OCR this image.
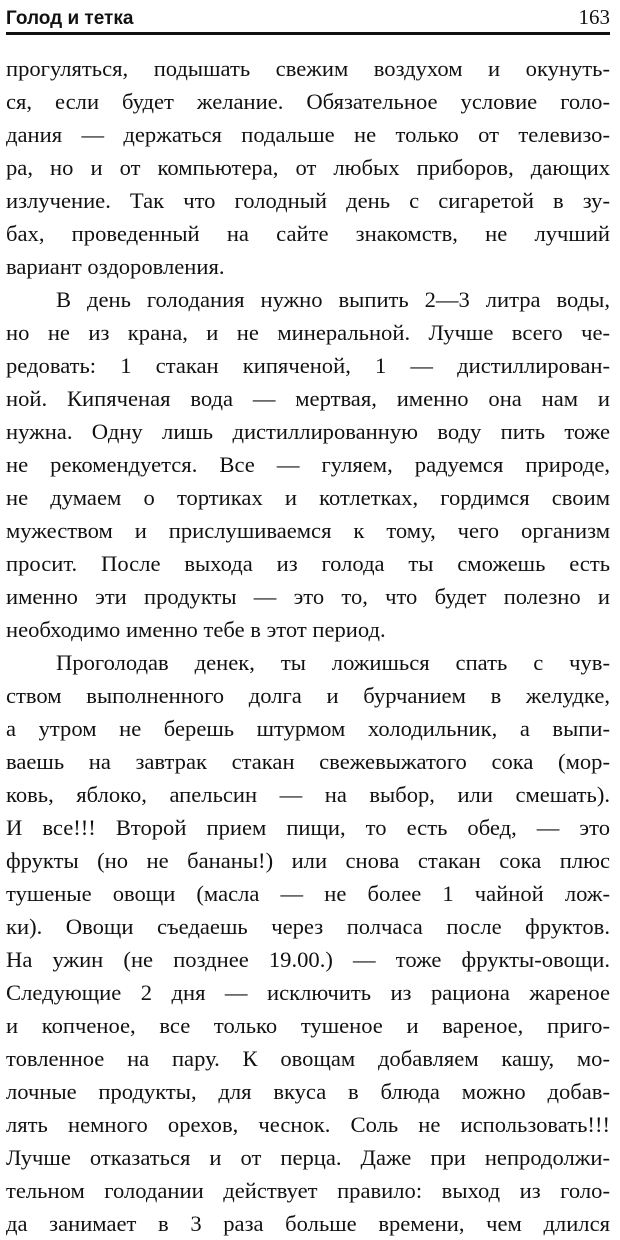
Голод и тетка	163
прогуляться, подышать свежим воздухом и окунуть-
ся, если будет желание. Обязательное условие голо-
дания — держаться подальше не только от телевизо-
ра, но и от компьютера, от любых приборов, дающих
излучение. Так что голодный день с сигаретой в зу-
бах, проведенный на сайте знакомств, не лучший
вариант оздоровления.
В день голодания нужно выпить 2—3 литра воды,
но не из крана, и не минеральной. Лучше всего че-
редовать: 1 стакан кипяченой, 1 — дистиллирован-
ной. Кипяченая вода — мертвая, именно она нам и
нужна. Одну лишь дистиллированную воду пить тоже
не рекомендуется. Все — гуляем, радуемся природе,
не думаем о тортиках и котлетках, гордимся своим
мужеством и прислушиваемся к тому, чего организм
просит. После выхода из голода ты сможешь есть
именно эти продукты — это то, что будет полезно и
необходимо именно тебе в этот период.
Проголодав денек, ты ложишься спать с чув-
ством выполненного долга и бурчанием в желудке,
а утром не берешь штурмом холодильник, а выпи-
ваешь на завтрак стакан свежевыжатого сока (мор-
ковь, яблоко, апельсин — на выбор, или смешать).
И все!!! Второй прием пищи, то есть обед, — это
фрукты (но не бананы!) или снова стакан сока плюс
тушеные овощи (масла — не более 1 чайной лож-
ки). Овощи съедаешь через полчаса после фруктов.
На ужин (не позднее 19.00.) — тоже фрукты-овощи.
Следующие 2 дня — исключить из рациона жареное
и копченое, все только тушеное и вареное, приго-
товленное на пару. К овощам добавляем кашу, мо-
лочные продукты, для вкуса в блюда можно добав-
лять немного орехов, чеснок. Соль не использовать!!!
Лучше отказаться и от перца. Даже при непродолжи-
тельном голодании действует правило: выход из голо-
да занимает в 3 раза больше времени, чем длился
